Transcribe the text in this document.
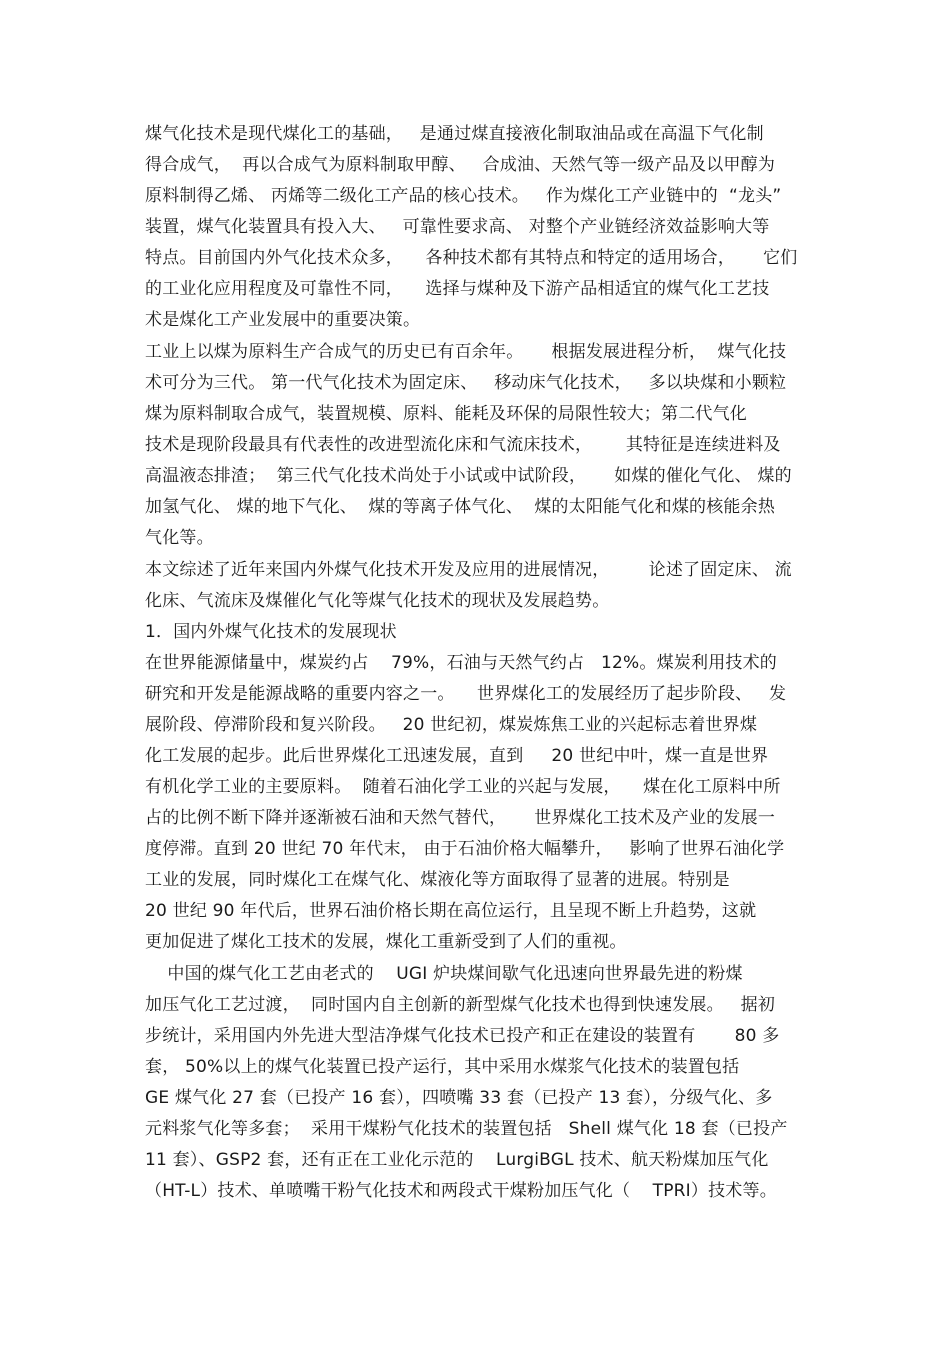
煤气化技术是现代煤化工的基础，   是通过煤直接液化制取油品或在高温下气化制
得合成气，  再以合成气为原料制取甲醇、   合成油、天然气等一级产品及以甲醇为
原料制得乙烯、 丙烯等二级化工产品的核心技术。   作为煤化工产业链中的  “龙头”
装置，煤气化装置具有投入大、   可靠性要求高、 对整个产业链经济效益影响大等
特点。目前国内外气化技术众多，    各种技术都有其特点和特定的适用场合，     它们
的工业化应用程度及可靠性不同，    选择与煤种及下游产品相适宜的煤气化工艺技
术是煤化工产业发展中的重要决策。
工业上以煤为原料生产合成气的历史已有百余年。     根据发展进程分析，  煤气化技
术可分为三代。 第一代气化技术为固定床、   移动床气化技术，   多以块煤和小颗粒
煤为原料制取合成气，装置规模、原料、能耗及环保的局限性较大；第二代气化
技术是现阶段最具有代表性的改进型流化床和气流床技术，      其特征是连续进料及
高温液态排渣；  第三代气化技术尚处于小试或中试阶段，     如煤的催化气化、 煤的
加氢气化、 煤的地下气化、  煤的等离子体气化、  煤的太阳能气化和煤的核能余热
气化等。
本文综述了近年来国内外煤气化技术开发及应用的进展情况，       论述了固定床、 流
化床、气流床及煤催化气化等煤气化技术的现状及发展趋势。
1．国内外煤气化技术的发展现状
在世界能源储量中，煤炭约占    79%，石油与天然气约占   12%。煤炭利用技术的
研究和开发是能源战略的重要内容之一。    世界煤化工的发展经历了起步阶段、   发
展阶段、停滞阶段和复兴阶段。   20 世纪初，煤炭炼焦工业的兴起标志着世界煤
化工发展的起步。此后世界煤化工迅速发展，直到     20 世纪中叶，煤一直是世界
有机化学工业的主要原料。  随着石油化学工业的兴起与发展，    煤在化工原料中所
占的比例不断下降并逐渐被石油和天然气替代，     世界煤化工技术及产业的发展一
度停滞。直到 20 世纪 70 年代末， 由于石油价格大幅攀升，   影响了世界石油化学
工业的发展，同时煤化工在煤气化、煤液化等方面取得了显著的进展。特别是
20 世纪 90 年代后，世界石油价格长期在高位运行，且呈现不断上升趋势，这就
更加促进了煤化工技术的发展，煤化工重新受到了人们的重视。
中国的煤气化工艺由老式的    UGI 炉块煤间歇气化迅速向世界最先进的粉煤
加压气化工艺过渡，  同时国内自主创新的新型煤气化技术也得到快速发展。   据初
步统计，采用国内外先进大型洁净煤气化技术已投产和正在建设的装置有       80 多
套， 50%以上的煤气化装置已投产运行，其中采用水煤浆气化技术的装置包括
GE 煤气化 27 套（已投产 16 套），四喷嘴 33 套（已投产 13 套），分级气化、多
元料浆气化等多套；  采用干煤粉气化技术的装置包括   Shell 煤气化 18 套（已投产
11 套）、GSP2 套，还有正在工业化示范的    LurgiBGL 技术、航天粉煤加压气化
（HT-L）技术、单喷嘴干粉气化技术和两段式干煤粉加压气化（    TPRI）技术等。
